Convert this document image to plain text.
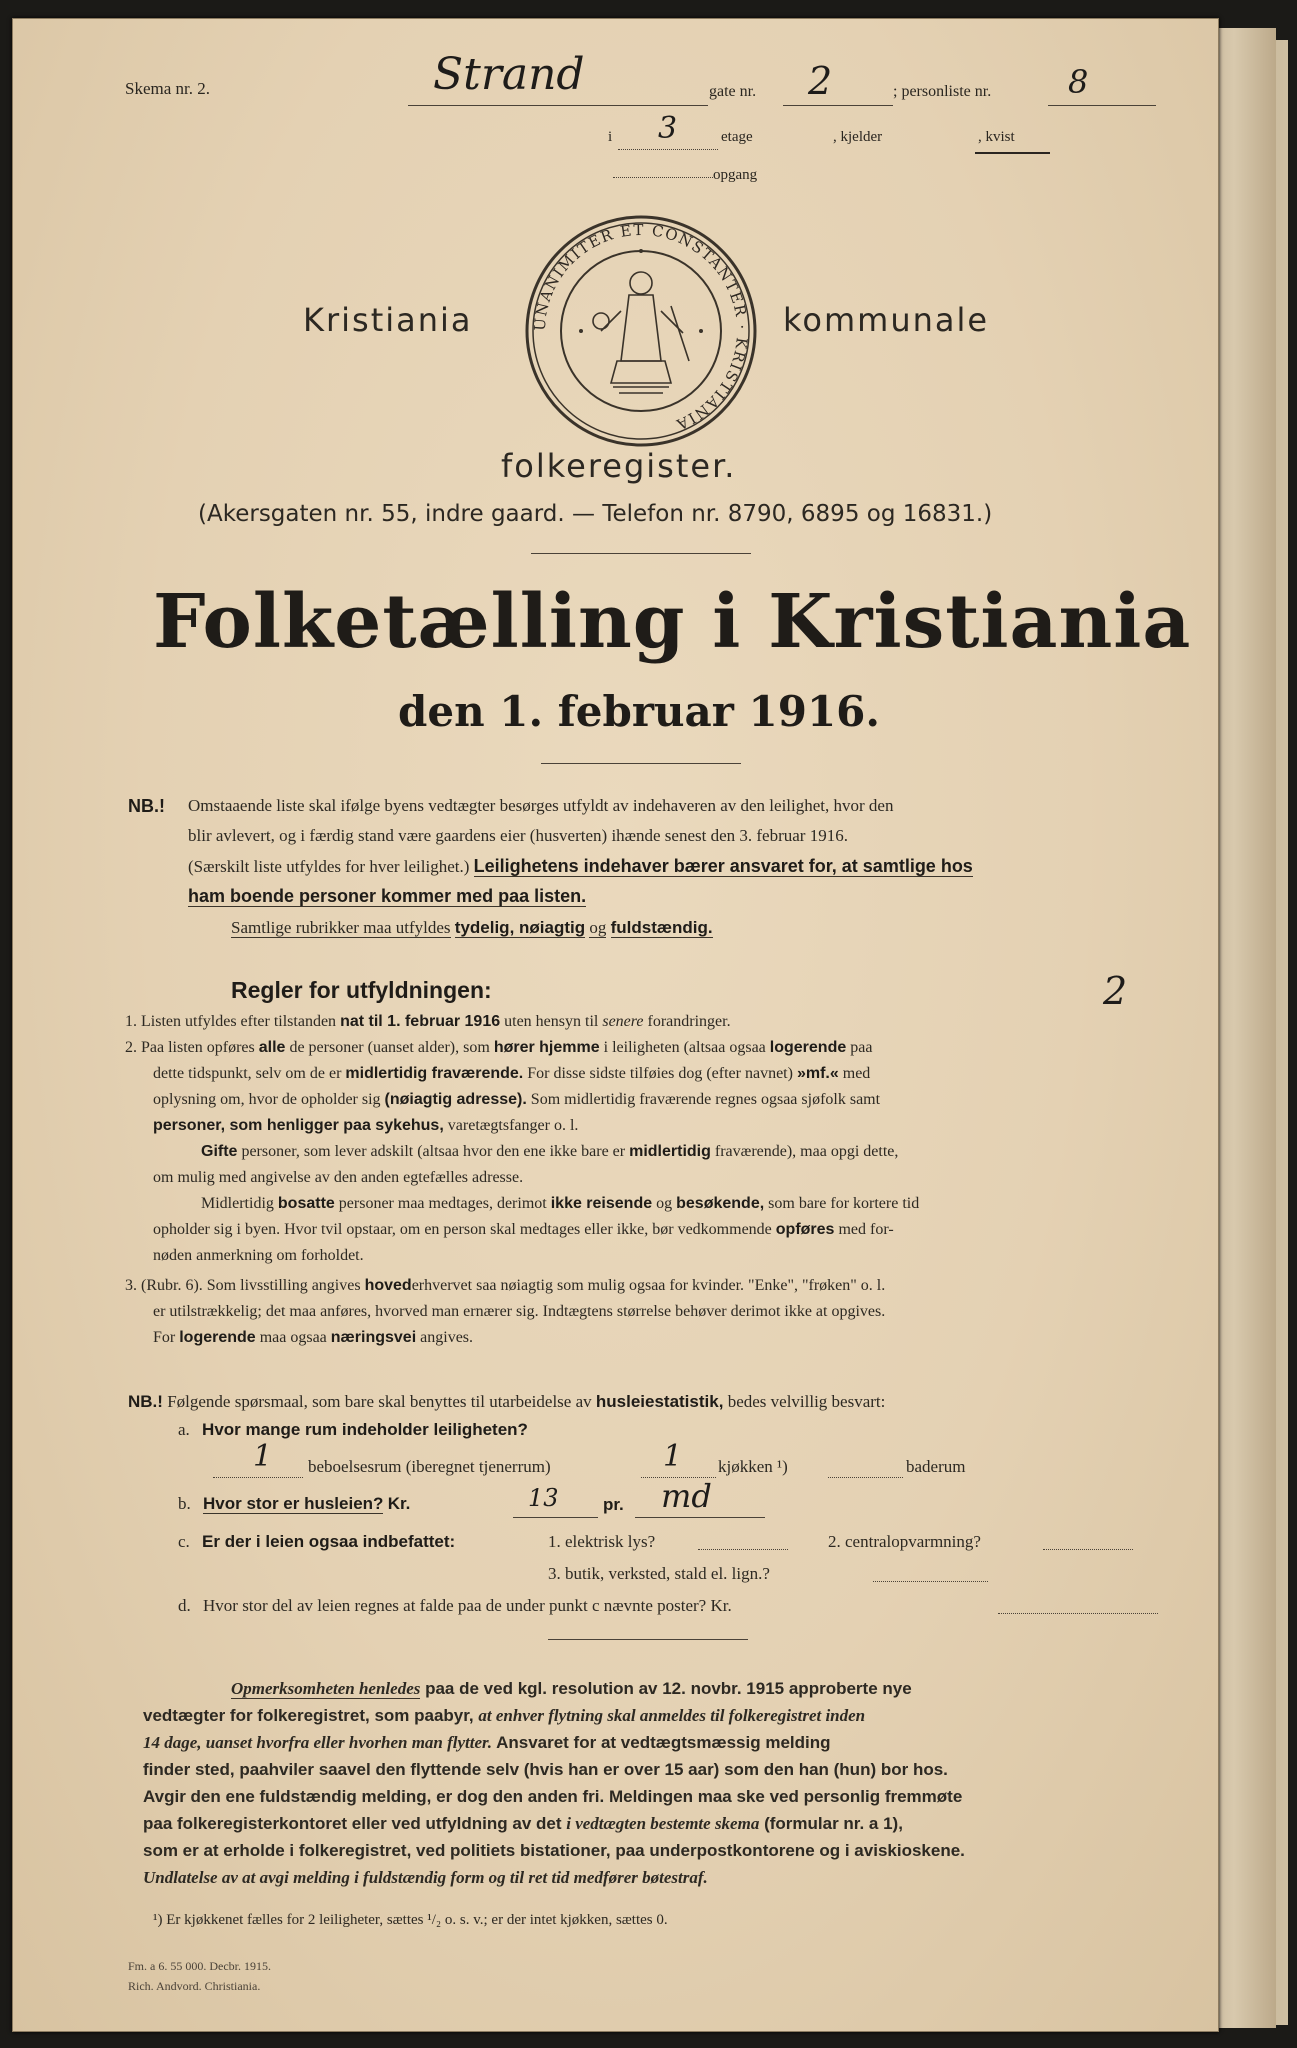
Skema nr. 2.	Strand	gate nr. 2	; personliste nr. 8
i 3	etage	, kjelder	, kvist
opgang
Kristiania	kommunale
UNANIMITER ET CONSTANTER · KRISTIANIA
folkeregister.
(Akersgaten nr. 55, indre gaard. — Telefon nr. 8790, 6895 og 16831.)
Folketælling i Kristiania
den 1. februar 1916.
NB.! Omstaaende liste skal ifølge byens vedtægter besørges utfyldt av indehaveren av den leilighet, hvor den
blir avlevert, og i færdig stand være gaardens eier (husverten) ihænde senest den 3. februar 1916.
(Særskilt liste utfyldes for hver leilighet.) Leilighetens indehaver bærer ansvaret for, at samtlige hos
ham boende personer kommer med paa listen.
Samtlige rubrikker maa utfyldes tydelig, nøiagtig og fuldstændig.
Regler for utfyldningen:	2
1. Listen utfyldes efter tilstanden nat til 1. februar 1916 uten hensyn til senere forandringer.
2. Paa listen opføres alle de personer (uanset alder), som hører hjemme i leiligheten (altsaa ogsaa logerende paa
dette tidspunkt, selv om de er midlertidig fraværende. For disse sidste tilføies dog (efter navnet) »mf.« med
oplysning om, hvor de opholder sig (nøiagtig adresse). Som midlertidig fraværende regnes ogsaa sjøfolk samt
personer, som henligger paa sykehus, varetægtsfanger o. l.
Gifte personer, som lever adskilt (altsaa hvor den ene ikke bare er midlertidig fraværende), maa opgi dette,
om mulig med angivelse av den anden egtefælles adresse.
Midlertidig bosatte personer maa medtages, derimot ikke reisende og besøkende, som bare for kortere tid
opholder sig i byen. Hvor tvil opstaar, om en person skal medtages eller ikke, bør vedkommende opføres med for-
nøden anmerkning om forholdet.
3. (Rubr. 6). Som livsstilling angives hovederhvervet saa nøiagtig som mulig ogsaa for kvinder. "Enke", "frøken" o. l.
er utilstrækkelig; det maa anføres, hvorved man ernærer sig. Indtægtens størrelse behøver derimot ikke at opgives.
For logerende maa ogsaa næringsvei angives.
NB.! Følgende spørsmaal, som bare skal benyttes til utarbeidelse av husleiestatistik, bedes velvillig besvart:
a. Hvor mange rum indeholder leiligheten?
1 beboelsesrum (iberegnet tjenerrum)	1 kjøkken ¹)	baderum
b. Hvor stor er husleien? Kr.	13	pr. md
c. Er der i leien ogsaa indbefattet:	1. elektrisk lys?	2. centralopvarmning?
3. butik, verksted, stald el. lign.?
d. Hvor stor del av leien regnes at falde paa de under punkt c nævnte poster? Kr.
Opmerksomheten henledes paa de ved kgl. resolution av 12. novbr. 1915 approberte nye
vedtægter for folkeregistret, som paabyr, at enhver flytning skal anmeldes til folkeregistret inden
14 dage, uanset hvorfra eller hvorhen man flytter. Ansvaret for at vedtægtsmæssig melding
finder sted, paahviler saavel den flyttende selv (hvis han er over 15 aar) som den han (hun) bor hos.
Avgir den ene fuldstændig melding, er dog den anden fri. Meldingen maa ske ved personlig fremmøte
paa folkeregisterkontoret eller ved utfyldning av det i vedtægten bestemte skema (formular nr. a 1),
som er at erholde i folkeregistret, ved politiets bistationer, paa underpostkontorene og i aviskioskene.
Undlatelse av at avgi melding i fuldstændig form og til ret tid medfører bøtestraf.
¹) Er kjøkkenet fælles for 2 leiligheter, sættes ¹/₂ o. s. v.; er der intet kjøkken, sættes 0.
Fm. a 6. 55 000. Decbr. 1915.
Rich. Andvord. Christiania.
